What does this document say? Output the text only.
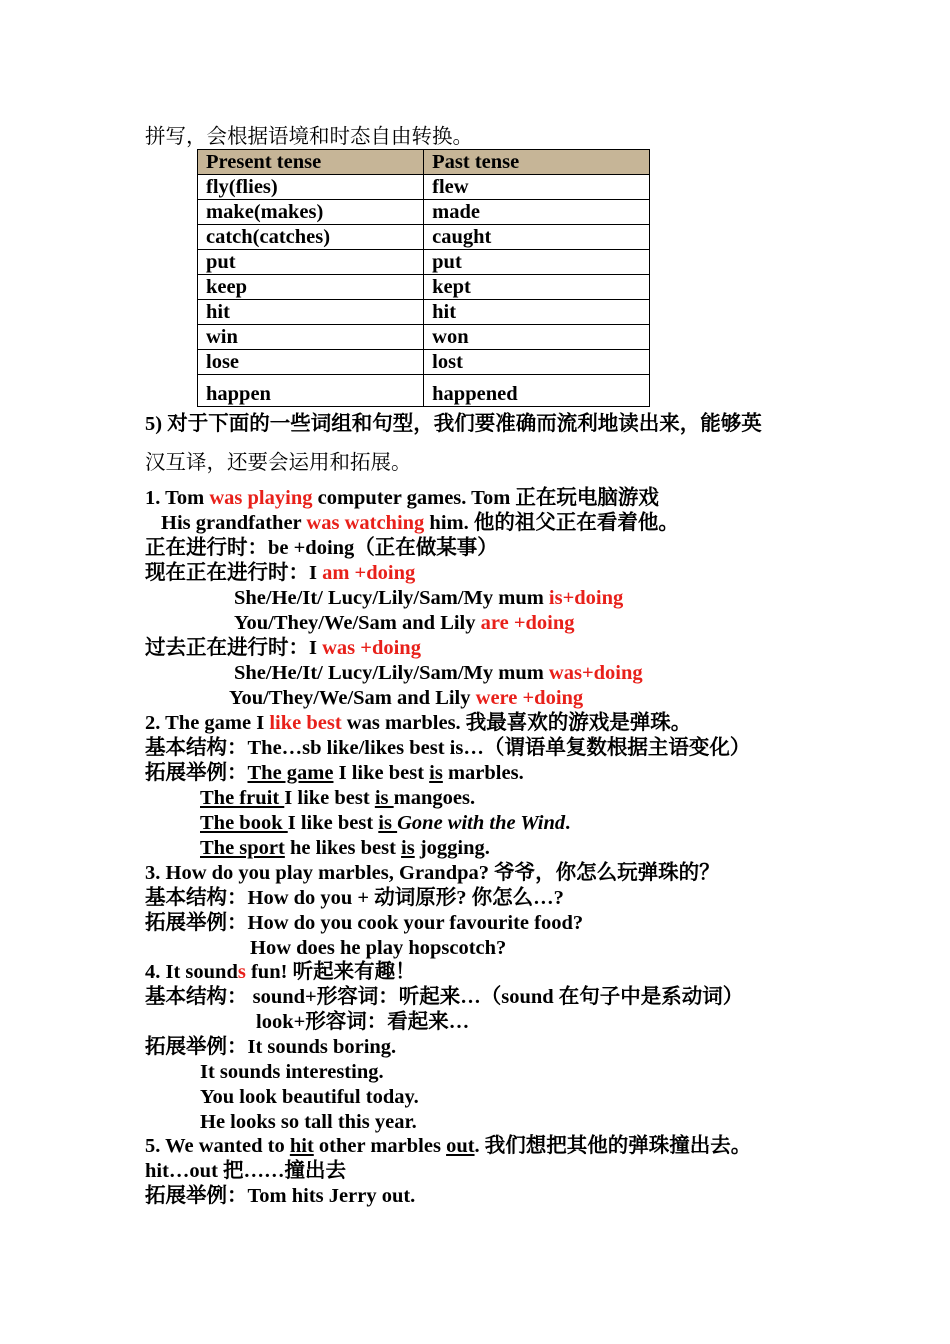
拼写，会根据语境和时态自由转换。
Present tense	Past tense
fly(flies)	flew
make(makes)	made
catch(catches)	caught
put	put
keep	kept
hit	hit
win	won
lose	lost
happen	happened
5) 对于下面的一些词组和句型，我们要准确而流利地读出来，能够英
汉互译，还要会运用和拓展。
1. Tom was playing computer games. Tom 正在玩电脑游戏
His grandfather was watching him. 他的祖父正在看着他。
正在进行时：be +doing（正在做某事）
现在正在进行时：I am +doing
She/He/It/ Lucy/Lily/Sam/My mum is+doing
You/They/We/Sam and Lily are +doing
过去正在进行时：I was +doing
She/He/It/ Lucy/Lily/Sam/My mum was+doing
You/They/We/Sam and Lily were +doing
2. The game I like best was marbles. 我最喜欢的游戏是弹珠。
基本结构：The…sb like/likes best is…（谓语单复数根据主语变化）
拓展举例：The game I like best is marbles.
The fruit I like best is mangoes.
The book I like best is Gone with the Wind.
The sport he likes best is jogging.
3. How do you play marbles, Grandpa? 爷爷，你怎么玩弹珠的？
基本结构：How do you + 动词原形? 你怎么…?
拓展举例：How do you cook your favourite food?
How does he play hopscotch?
4. It sounds fun! 听起来有趣！
基本结构： sound+形容词：听起来…（sound 在句子中是系动词）
look+形容词：看起来…
拓展举例：It sounds boring.
It sounds interesting.
You look beautiful today.
He looks so tall this year.
5. We wanted to hit other marbles out. 我们想把其他的弹珠撞出去。
hit…out 把……撞出去
拓展举例：Tom hits Jerry out.
